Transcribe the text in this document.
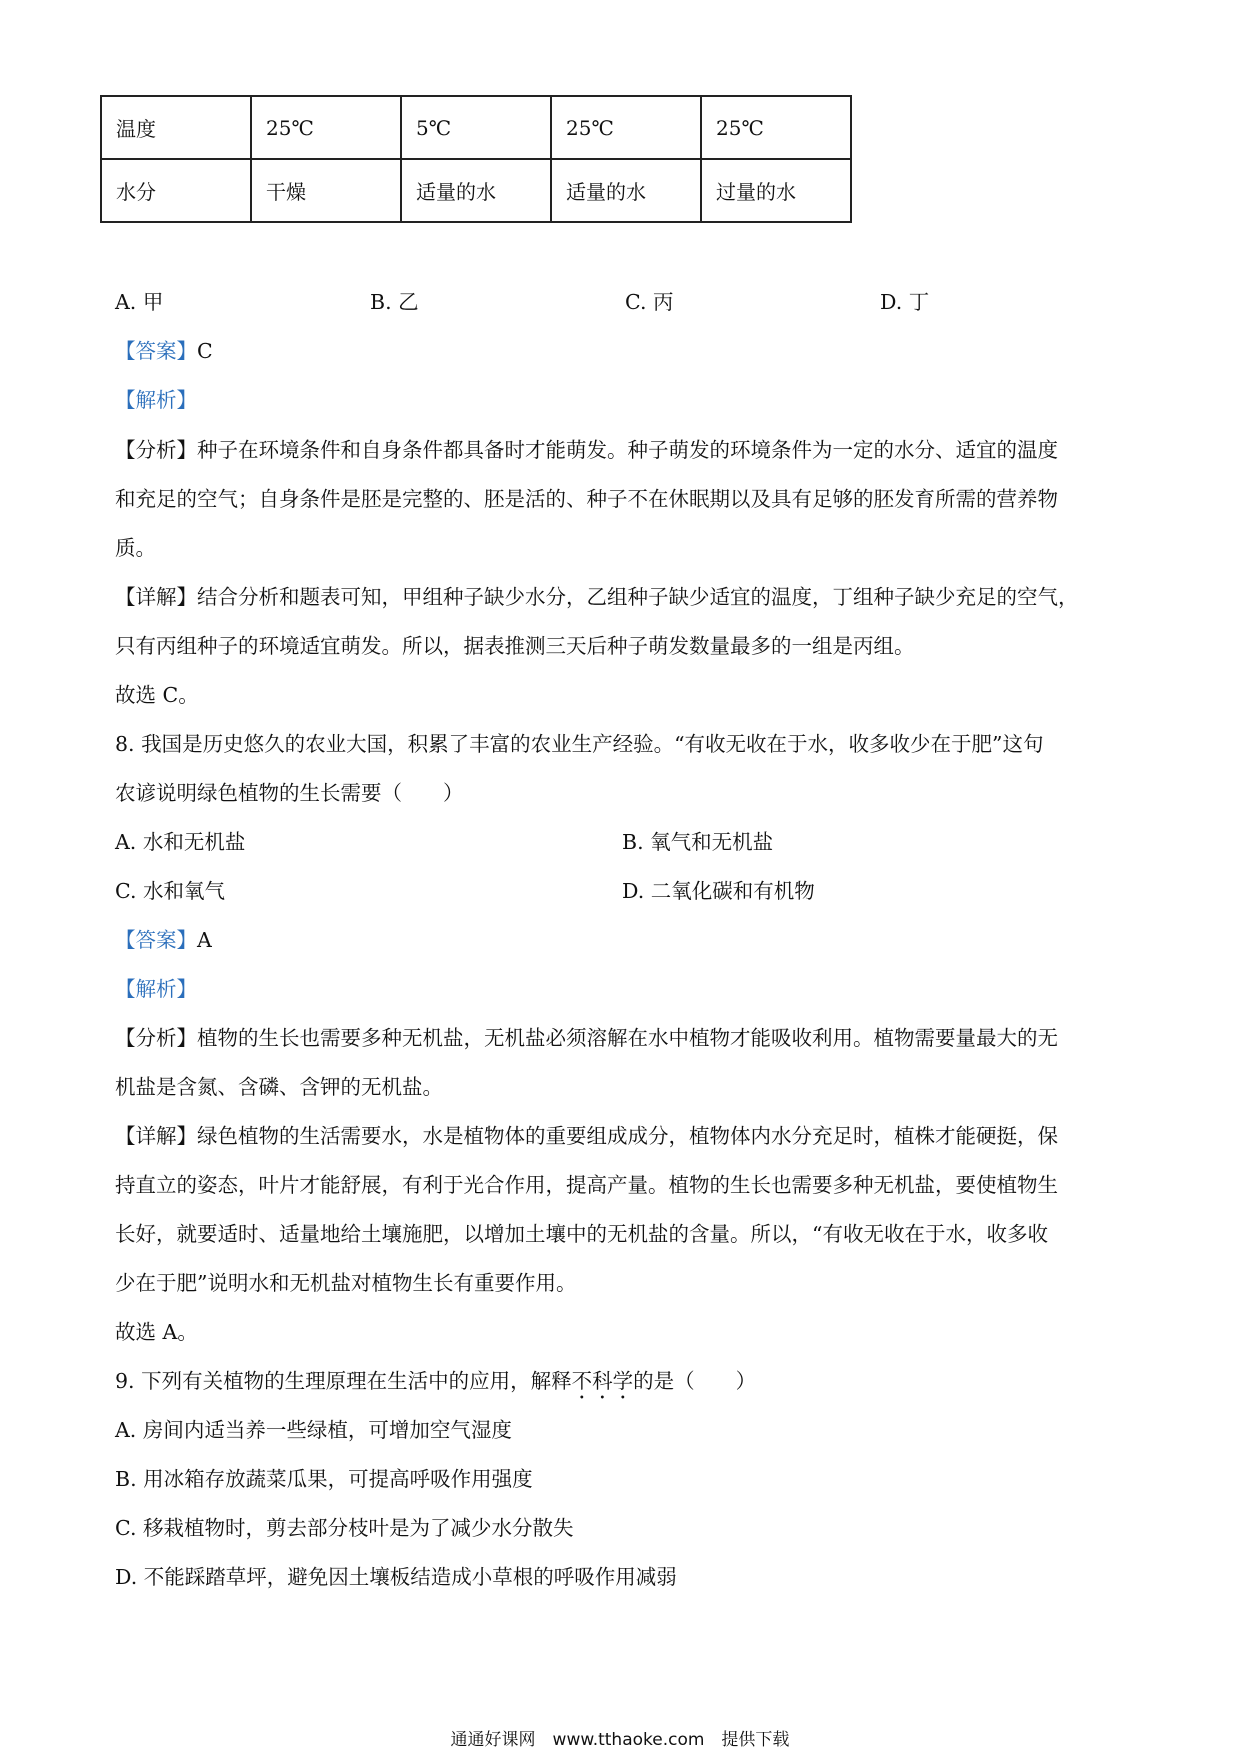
温度	25℃	5℃	25℃	25℃
水分	干燥	适量的水	适量的水	过量的水
A. 甲	B. 乙	C. 丙	D. 丁
【答案】C
【解析】
【分析】种子在环境条件和自身条件都具备时才能萌发。种子萌发的环境条件为一定的水分、适宜的温度
和充足的空气；自身条件是胚是完整的、胚是活的、种子不在休眠期以及具有足够的胚发育所需的营养物
质。
【详解】结合分析和题表可知，甲组种子缺少水分，乙组种子缺少适宜的温度，丁组种子缺少充足的空气，
只有丙组种子的环境适宜萌发。所以，据表推测三天后种子萌发数量最多的一组是丙组。
故选 C。
8. 我国是历史悠久的农业大国，积累了丰富的农业生产经验。“有收无收在于水，收多收少在于肥”这句
农谚说明绿色植物的生长需要（　　）
A. 水和无机盐	B. 氧气和无机盐
C. 水和氧气	D. 二氧化碳和有机物
【答案】A
【解析】
【分析】植物的生长也需要多种无机盐，无机盐必须溶解在水中植物才能吸收利用。植物需要量最大的无
机盐是含氮、含磷、含钾的无机盐。
【详解】绿色植物的生活需要水，水是植物体的重要组成成分，植物体内水分充足时，植株才能硬挺，保
持直立的姿态，叶片才能舒展，有利于光合作用，提高产量。植物的生长也需要多种无机盐，要使植物生
长好，就要适时、适量地给土壤施肥，以增加土壤中的无机盐的含量。所以，“有收无收在于水，收多收
少在于肥”说明水和无机盐对植物生长有重要作用。
故选 A。
9. 下列有关植物的生理原理在生活中的应用，解释不科学的是（　　）
A. 房间内适当养一些绿植，可增加空气湿度
B. 用冰箱存放蔬菜瓜果，可提高呼吸作用强度
C. 移栽植物时，剪去部分枝叶是为了减少水分散失
D. 不能踩踏草坪，避免因土壤板结造成小草根的呼吸作用减弱
通通好课网　www.tthaoke.com　提供下载
